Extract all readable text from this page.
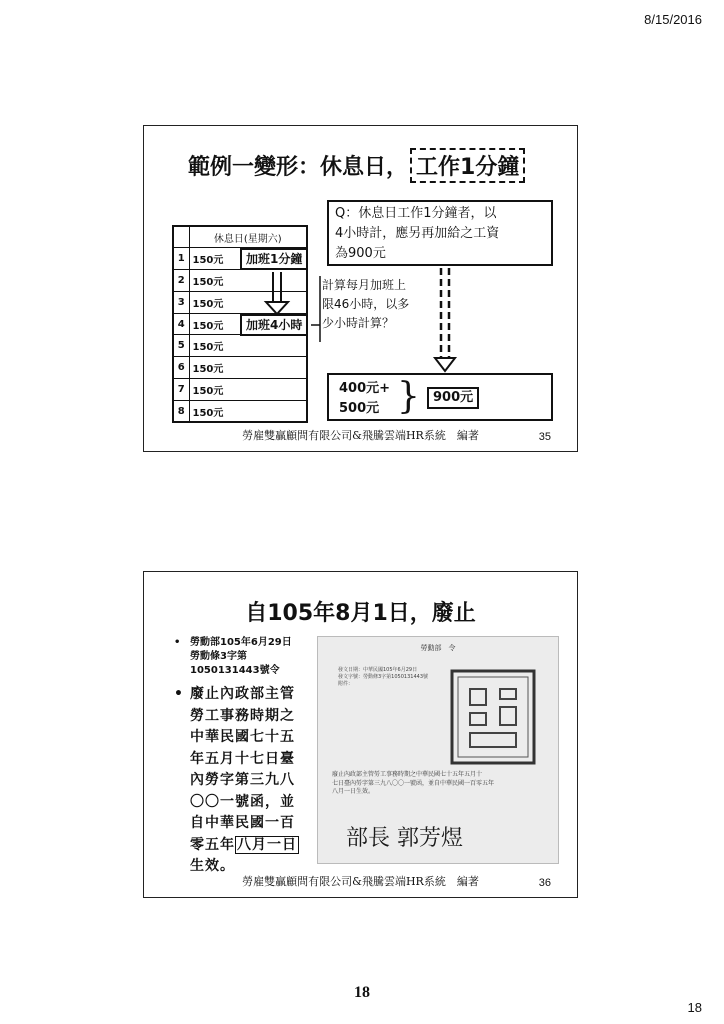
8/15/2016
範例一變形：休息日， 工作1分鐘
	休息日(星期六)
1	150元
2	150元
3	150元
4	150元
5	150元
6	150元
7	150元
8	150元
加班1分鐘
加班4小時
Q：休息日工作1分鐘者，以
4小時計，應另再加給之工資
為900元
計算每月加班上
限46小時，以多
少小時計算？
400元+
500元 }	900元
勞雇雙贏顧問有限公司&飛騰雲端HR系統　編著	35
自105年8月1日，廢止
• 勞動部105年6月29日
勞動條3字第
1050131443號令
• 廢止內政部主管
勞工事務時期之
中華民國七十五
年五月十七日臺
內勞字第三九八
〇〇一號函，並
自中華民國一百
零五年 八月一日
生效。
勞動部　令
發文日期：中華民國105年6月29日
發文字號：勞動條3字第1050131443號
附件：
廢止內政部主管勞工事務時期之中華民國七十五年五月十
七日臺內勞字第三九八〇〇一號函，並自中華民國一百零五年
八月一日生效。
部長 郭芳煜
勞雇雙贏顧問有限公司&飛騰雲端HR系統　編著	36
18
18
